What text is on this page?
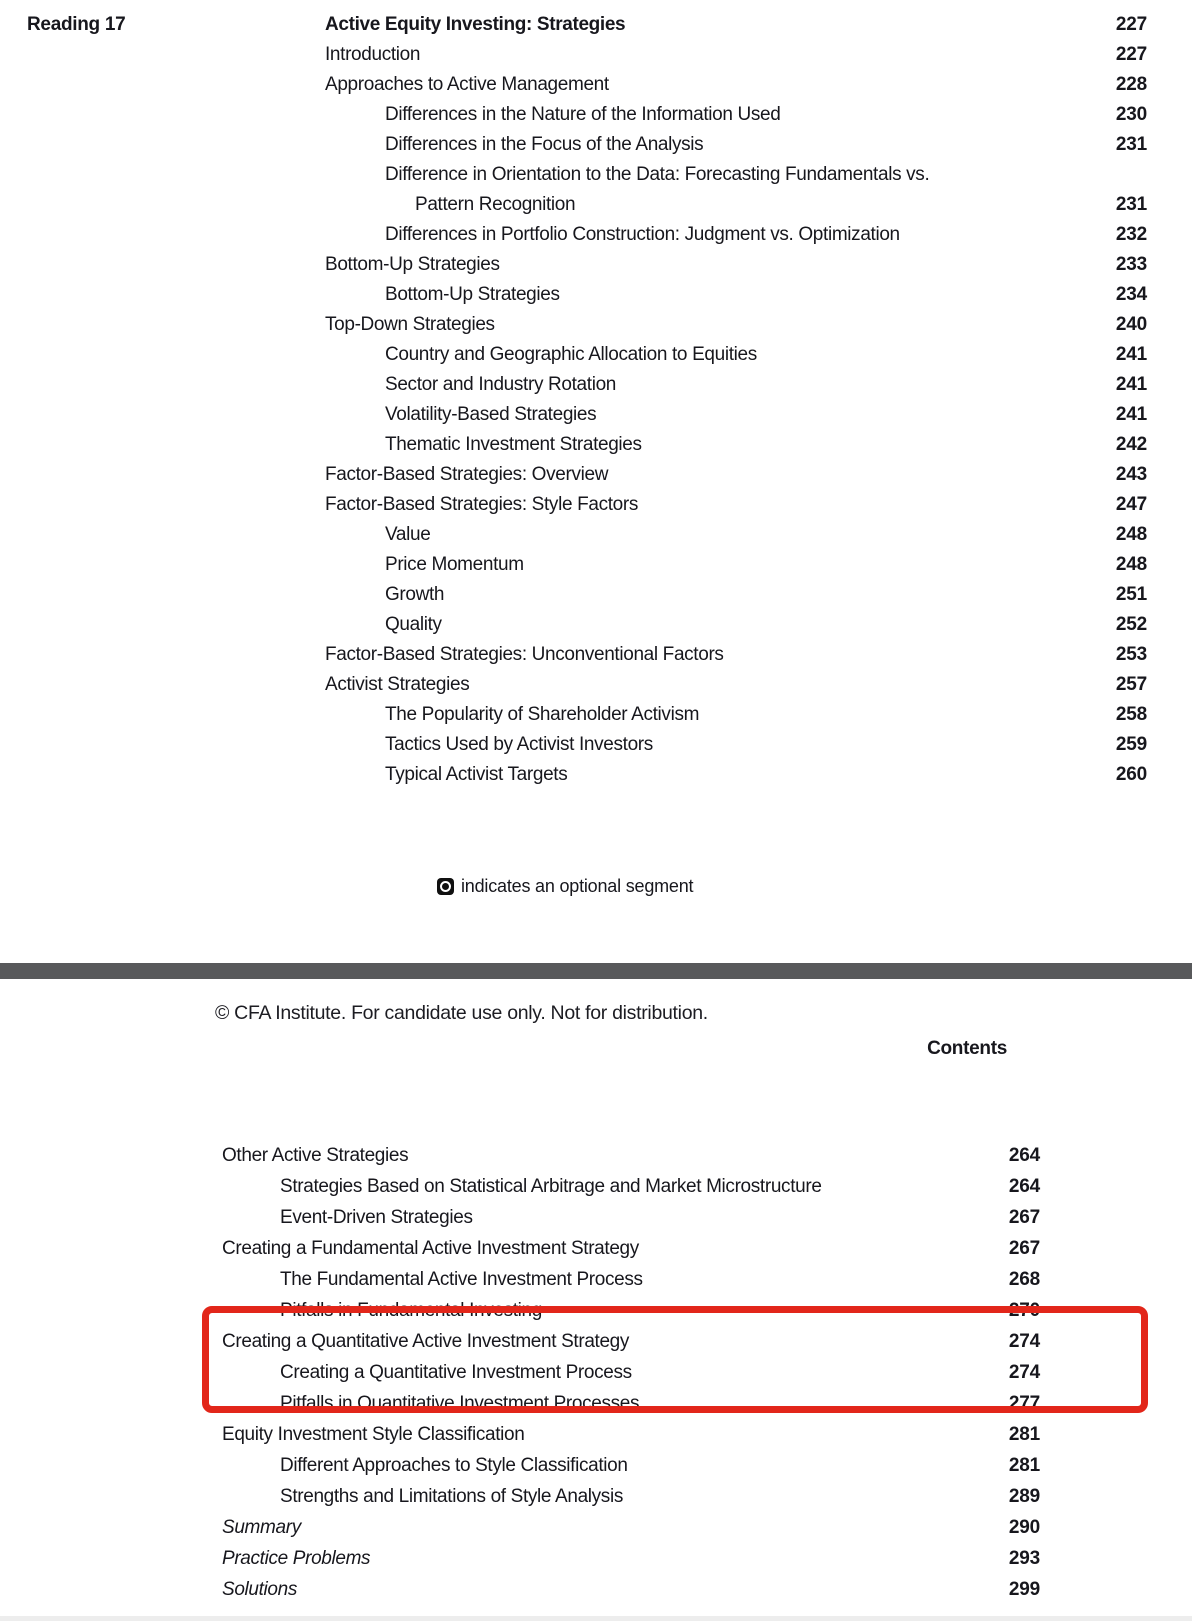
Reading 17	Active Equity Investing: Strategies	227
Introduction	227
Approaches to Active Management	228
Differences in the Nature of the Information Used	230
Differences in the Focus of the Analysis	231
Difference in Orientation to the Data: Forecasting Fundamentals vs.
Pattern Recognition	231
Differences in Portfolio Construction: Judgment vs. Optimization	232
Bottom-Up Strategies	233
Bottom-Up Strategies	234
Top-Down Strategies	240
Country and Geographic Allocation to Equities	241
Sector and Industry Rotation	241
Volatility-Based Strategies	241
Thematic Investment Strategies	242
Factor-Based Strategies: Overview	243
Factor-Based Strategies: Style Factors	247
Value	248
Price Momentum	248
Growth	251
Quality	252
Factor-Based Strategies: Unconventional Factors	253
Activist Strategies	257
The Popularity of Shareholder Activism	258
Tactics Used by Activist Investors	259
Typical Activist Targets	260
indicates an optional segment
© CFA Institute. For candidate use only. Not for distribution.
Contents
Other Active Strategies	264
Strategies Based on Statistical Arbitrage and Market Microstructure	264
Event-Driven Strategies	267
Creating a Fundamental Active Investment Strategy	267
The Fundamental Active Investment Process	268
Pitfalls in Fundamental Investing	270
Creating a Quantitative Active Investment Strategy	274
Creating a Quantitative Investment Process	274
Pitfalls in Quantitative Investment Processes	277
Equity Investment Style Classification	281
Different Approaches to Style Classification	281
Strengths and Limitations of Style Analysis	289
Summary	290
Practice Problems	293
Solutions	299
